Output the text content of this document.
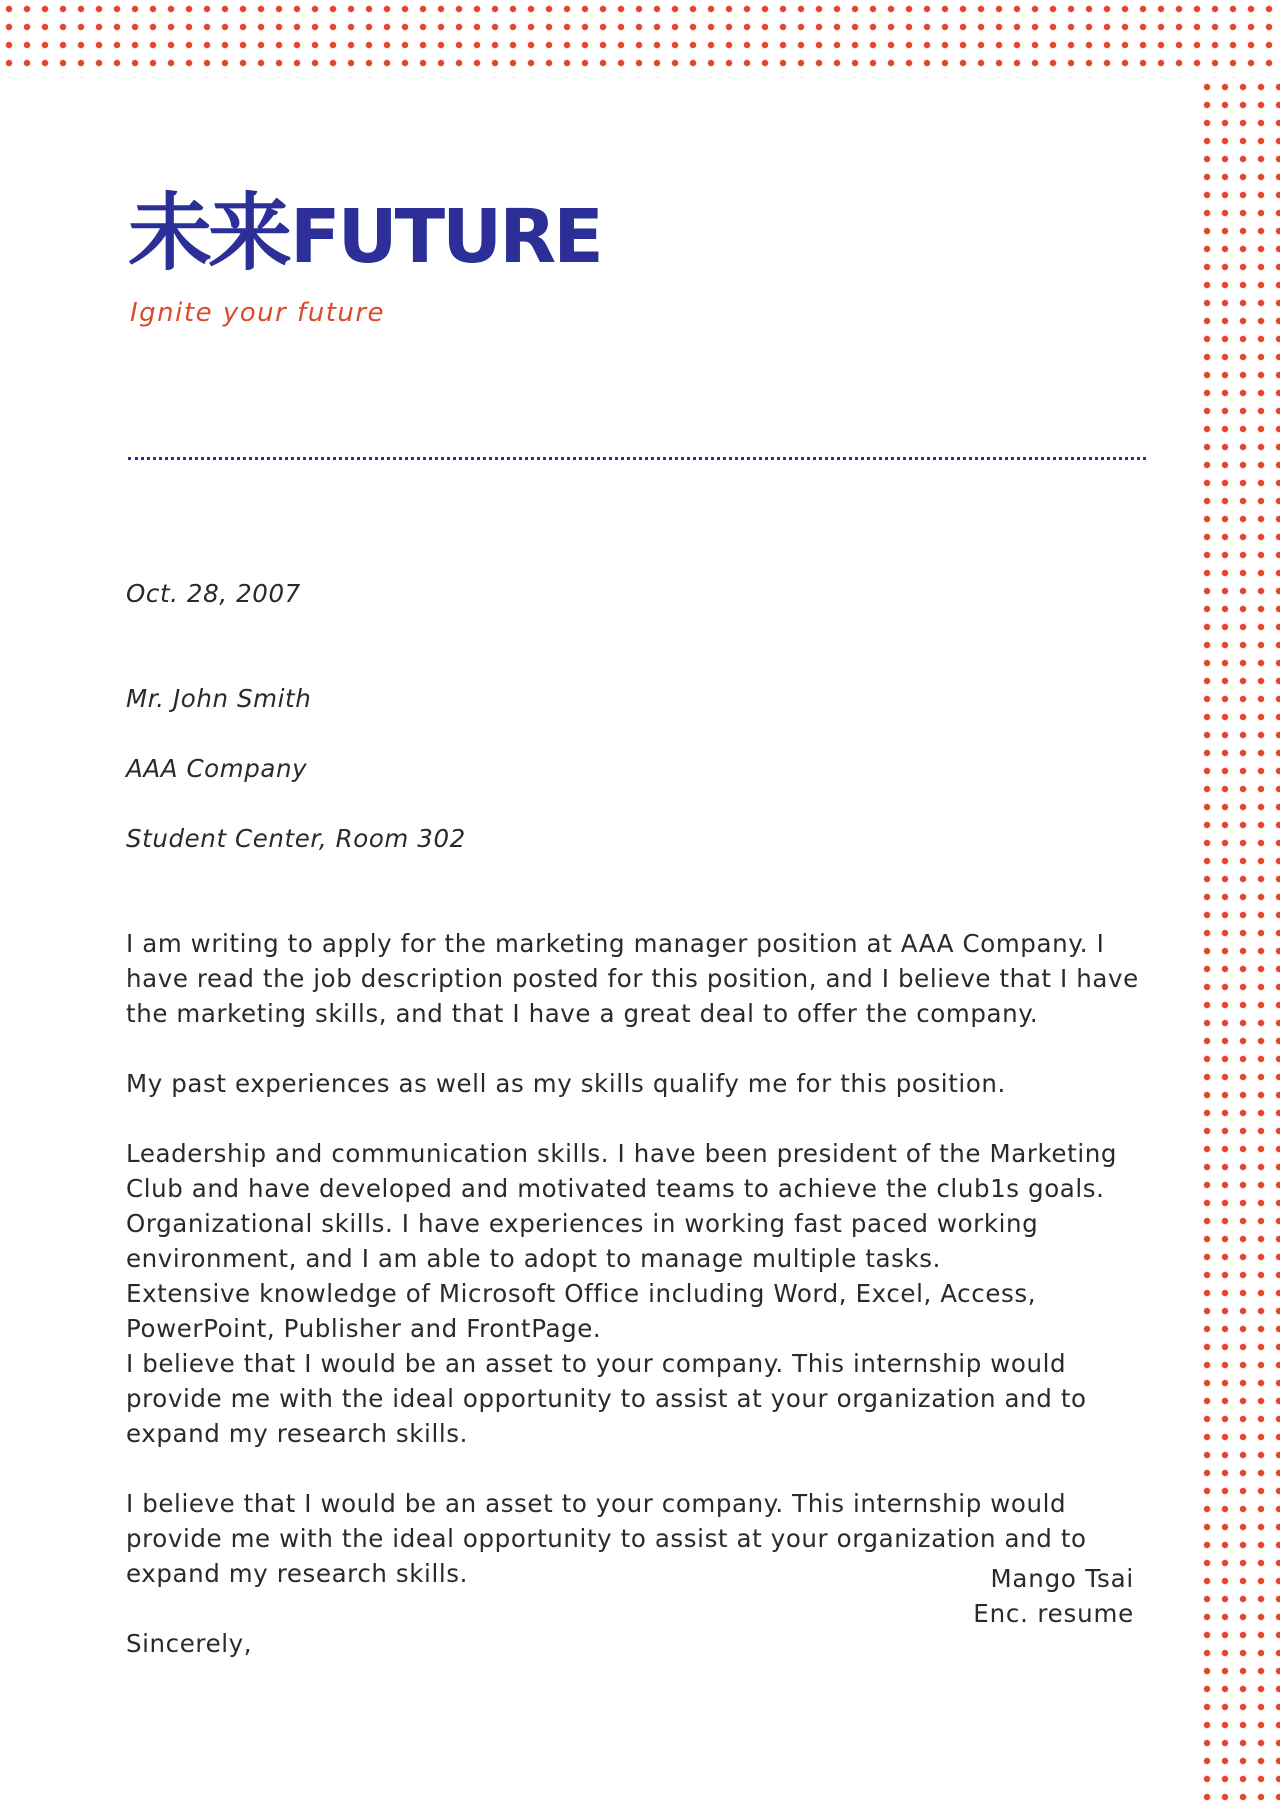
未来 FUTURE
Ignite your future
Oct. 28, 2007

Mr. John Smith

AAA Company

Student Center, Room 302

I am writing to apply for the marketing manager position at AAA Company. I have read the job description posted for this position, and I believe that I have the marketing skills, and that I have a great deal to offer the company.
My past experiences as well as my skills qualify me for this position.
Leadership and communication skills. I have been president of the Marketing Club and have developed and motivated teams to achieve the club1s goals.
Organizational skills. I have experiences in working fast paced working environment, and I am able to adopt to manage multiple tasks.
Extensive knowledge of Microsoft Office including Word, Excel, Access, PowerPoint, Publisher and FrontPage.
I believe that I would be an asset to your company. This internship would provide me with the ideal opportunity to assist at your organization and to expand my research skills.
I believe that I would be an asset to your company. This internship would provide me with the ideal opportunity to assist at your organization and to expand my research skills.
Sincerely,
Mango Tsai
Enc. resume
